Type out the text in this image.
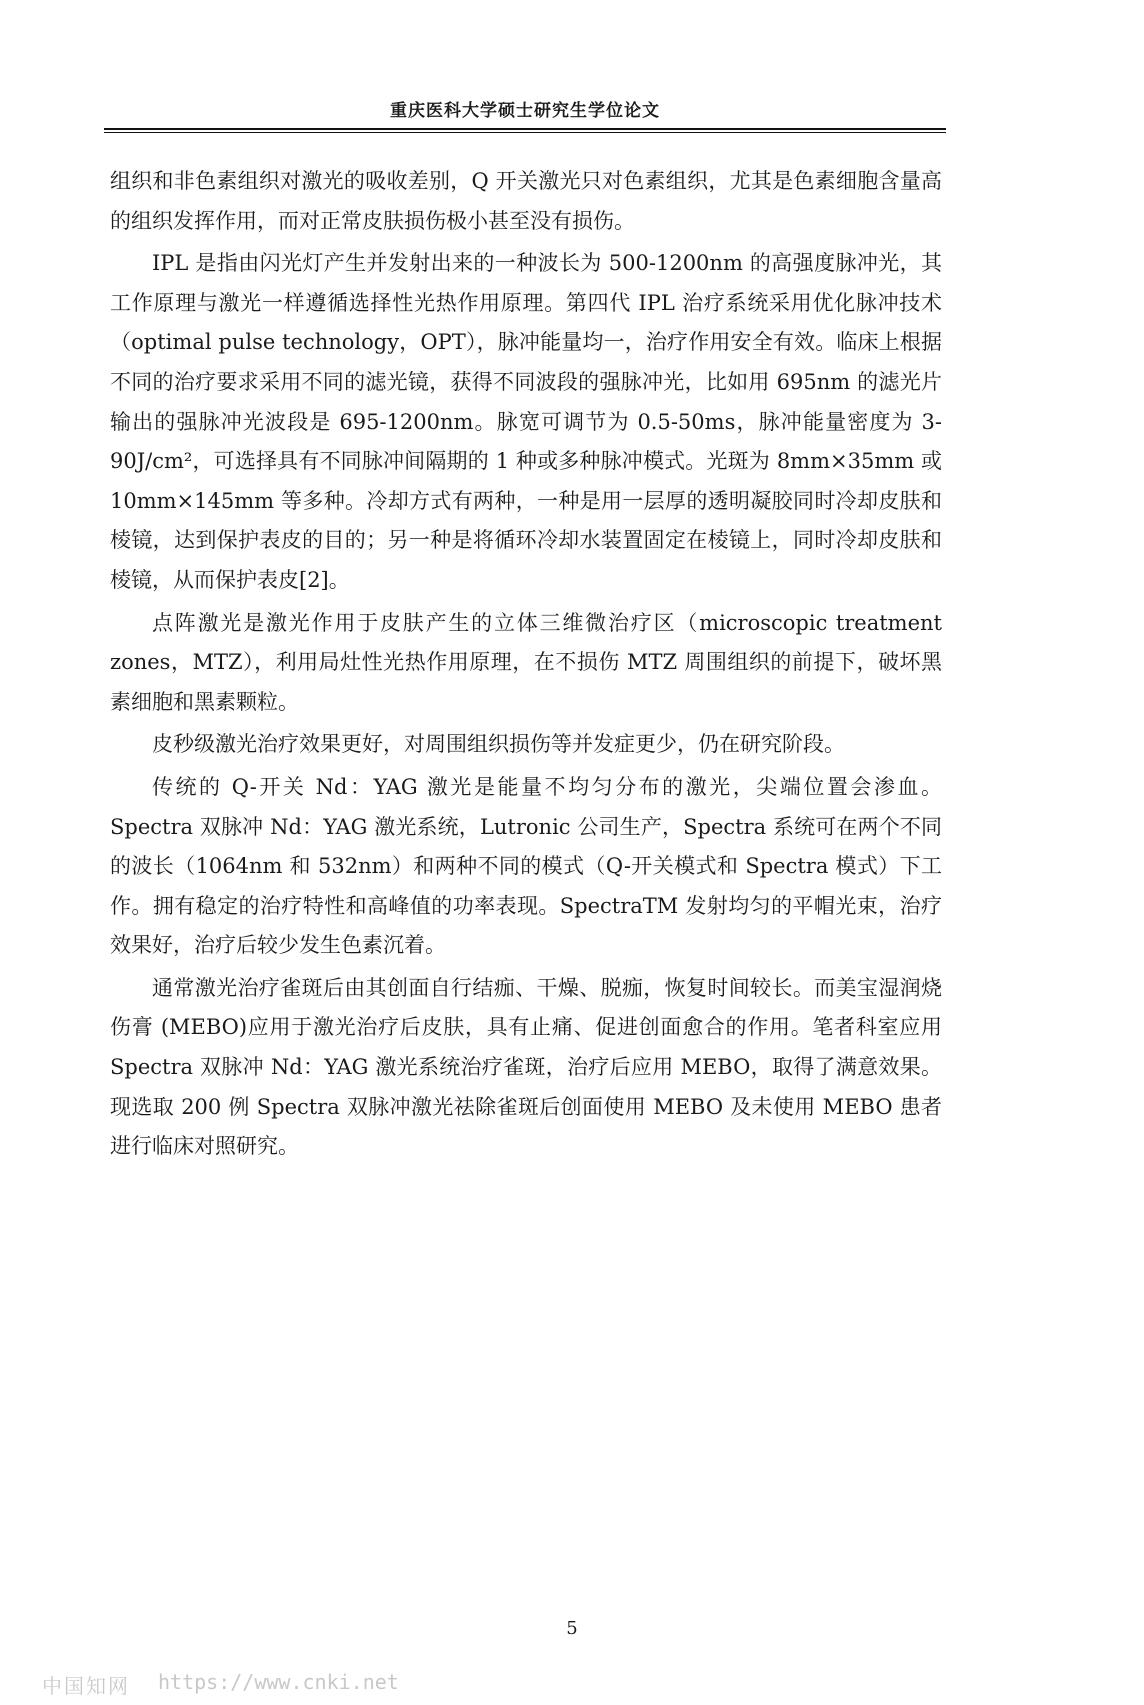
重庆医科大学硕士研究生学位论文

组织和非色素组织对激光的吸收差别，Q 开关激光只对色素组织，尤其是色素细胞含量高的组织发挥作用，而对正常皮肤损伤极小甚至没有损伤。

IPL 是指由闪光灯产生并发射出来的一种波长为 500-1200nm 的高强度脉冲光，其工作原理与激光一样遵循选择性光热作用原理。第四代 IPL 治疗系统采用优化脉冲技术（optimal pulse technology，OPT），脉冲能量均一，治疗作用安全有效。临床上根据不同的治疗要求采用不同的滤光镜，获得不同波段的强脉冲光，比如用 695nm 的滤光片输出的强脉冲光波段是 695-1200nm。脉宽可调节为 0.5-50ms，脉冲能量密度为 3-90J/cm²，可选择具有不同脉冲间隔期的 1 种或多种脉冲模式。光斑为 8mm×35mm 或 10mm×145mm 等多种。冷却方式有两种，一种是用一层厚的透明凝胶同时冷却皮肤和棱镜，达到保护表皮的目的；另一种是将循环冷却水装置固定在棱镜上，同时冷却皮肤和棱镜，从而保护表皮[2]。

点阵激光是激光作用于皮肤产生的立体三维微治疗区（microscopic treatment zones，MTZ），利用局灶性光热作用原理，在不损伤 MTZ 周围组织的前提下，破坏黑素细胞和黑素颗粒。

皮秒级激光治疗效果更好，对周围组织损伤等并发症更少，仍在研究阶段。

传统的 Q-开关 Nd：YAG 激光是能量不均匀分布的激光，尖端位置会渗血。Spectra 双脉冲 Nd：YAG 激光系统，Lutronic 公司生产，Spectra 系统可在两个不同的波长（1064nm 和 532nm）和两种不同的模式（Q-开关模式和 Spectra 模式）下工作。拥有稳定的治疗特性和高峰值的功率表现。SpectraTM 发射均匀的平帽光束，治疗效果好，治疗后较少发生色素沉着。

通常激光治疗雀斑后由其创面自行结痂、干燥、脱痂，恢复时间较长。而美宝湿润烧伤膏 (MEBO)应用于激光治疗后皮肤，具有止痛、促进创面愈合的作用。笔者科室应用 Spectra 双脉冲 Nd：YAG 激光系统治疗雀斑，治疗后应用 MEBO，取得了满意效果。现选取 200 例 Spectra 双脉冲激光祛除雀斑后创面使用 MEBO 及未使用 MEBO 患者进行临床对照研究。

5
中国知网 https://www.cnki.net
